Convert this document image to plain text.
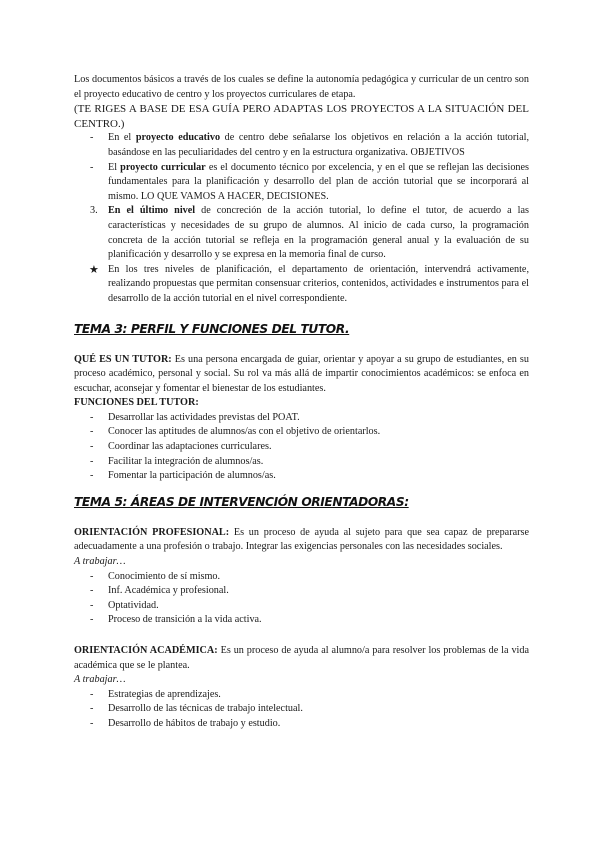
Los documentos básicos a través de los cuales se define la autonomía pedagógica y curricular de un centro son el proyecto educativo de centro y los proyectos curriculares de etapa.

(TE RIGES A BASE DE ESA GUÍA PERO ADAPTAS LOS PROYECTOS A LA SITUACIÓN DEL CENTRO.)

- En el proyecto educativo de centro debe señalarse los objetivos en relación a la acción tutorial, basándose en las peculiaridades del centro y en la estructura organizativa. OBJETIVOS
- El proyecto curricular es el documento técnico por excelencia, y en el que se reflejan las decisiones fundamentales para la planificación y desarrollo del plan de acción tutorial que se incorporará al mismo. LO QUE VAMOS A HACER, DECISIONES.
3. En el último nivel de concreción de la acción tutorial, lo define el tutor, de acuerdo a las características y necesidades de su grupo de alumnos. Al inicio de cada curso, la programación concreta de la acción tutorial se refleja en la programación general anual y la evaluación de su planificación y desarrollo y se expresa en la memoria final de curso.
★ En los tres niveles de planificación, el departamento de orientación, intervendrá activamente, realizando propuestas que permitan consensuar criterios, contenidos, actividades e instrumentos para el desarrollo de la acción tutorial en el nivel correspondiente.
TEMA 3: PERFIL Y FUNCIONES DEL TUTOR.

QUÉ ES UN TUTOR: Es una persona encargada de guiar, orientar y apoyar a su grupo de estudiantes, en su proceso académico, personal y social. Su rol va más allá de impartir conocimientos académicos: se enfoca en escuchar, aconsejar y fomentar el bienestar de los estudiantes.

FUNCIONES DEL TUTOR:

- Desarrollar las actividades previstas del POAT.
- Conocer las aptitudes de alumnos/as con el objetivo de orientarlos.
- Coordinar las adaptaciones curriculares.
- Facilitar la integración de alumnos/as.
- Fomentar la participación de alumnos/as.
TEMA 5: ÁREAS DE INTERVENCIÓN ORIENTADORAS:

ORIENTACIÓN PROFESIONAL: Es un proceso de ayuda al sujeto para que sea capaz de prepararse adecuadamente a una profesión o trabajo. Integrar las exigencias personales con las necesidades sociales.

A trabajar…

- Conocimiento de sí mismo.
- Inf. Académica y profesional.
- Optatividad.
- Proceso de transición a la vida activa.

ORIENTACIÓN ACADÉMICA: Es un proceso de ayuda al alumno/a para resolver los problemas de la vida académica que se le plantea.

A trabajar…

- Estrategias de aprendizajes.
- Desarrollo de las técnicas de trabajo intelectual.
- Desarrollo de hábitos de trabajo y estudio.
